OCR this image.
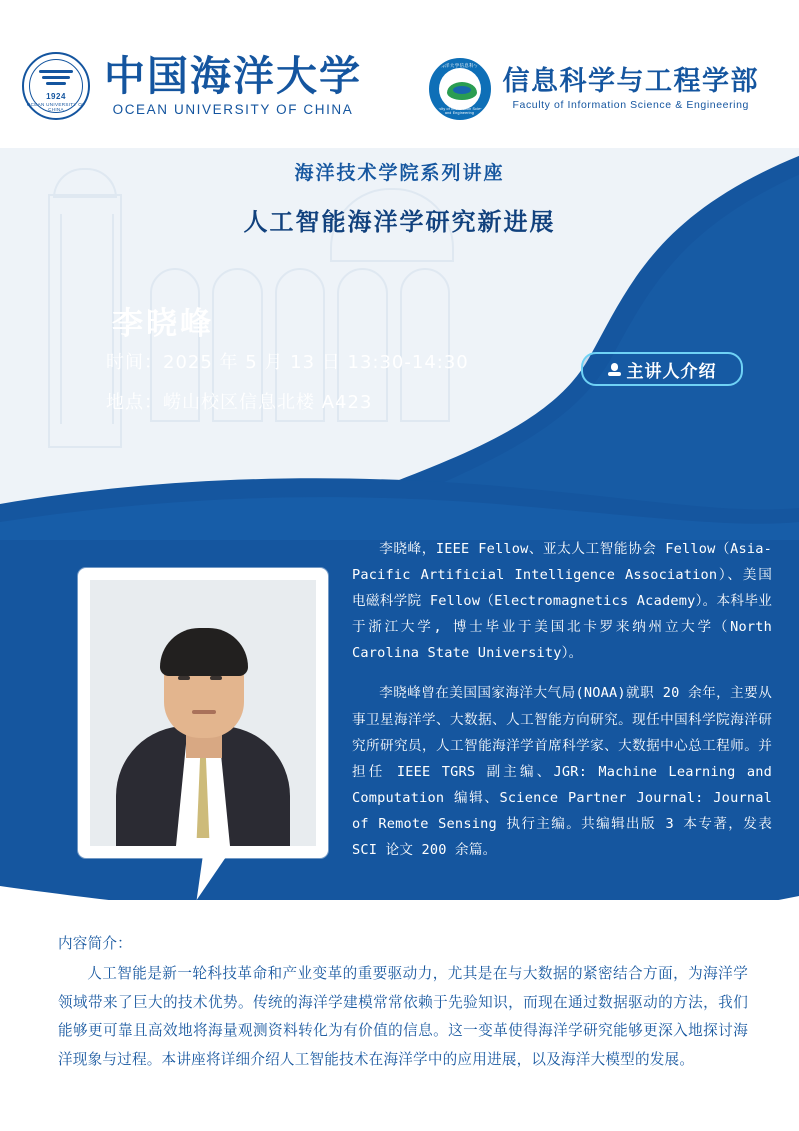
1924
OCEAN UNIVERSITY OF CHINA
中国海洋大学
OCEAN UNIVERSITY OF CHINA
中国海洋大学信息科学与工程学部
Faculty of Information Science and Engineering
信息科学与工程学部
Faculty of Information Science & Engineering
海洋技术学院系列讲座
人工智能海洋学研究新进展
李晓峰
时间：2025 年 5 月 13 日 13:30-14:30
地点：崂山校区信息北楼 A423
主讲人介绍

李晓峰，IEEE Fellow、亚太人工智能协会 Fellow（Asia-Pacific Artificial Intelligence Association）、美国电磁科学院 Fellow（Electromagnetics Academy）。本科毕业于浙江大学, 博士毕业于美国北卡罗来纳州立大学（North Carolina State University）。

李晓峰曾在美国国家海洋大气局(NOAA)就职 20 余年，主要从事卫星海洋学、大数据、人工智能方向研究。现任中国科学院海洋研究所研究员，人工智能海洋学首席科学家、大数据中心总工程师。并担任 IEEE TGRS 副主编、JGR: Machine Learning and Computation 编辑、Science Partner Journal: Journal of Remote Sensing 执行主编。共编辑出版 3 本专著，发表 SCI 论文 200 余篇。

内容简介：

人工智能是新一轮科技革命和产业变革的重要驱动力，尤其是在与大数据的紧密结合方面，为海洋学领域带来了巨大的技术优势。传统的海洋学建模常常依赖于先验知识，而现在通过数据驱动的方法，我们能够更可靠且高效地将海量观测资料转化为有价值的信息。这一变革使得海洋学研究能够更深入地探讨海洋现象与过程。本讲座将详细介绍人工智能技术在海洋学中的应用进展，以及海洋大模型的发展。
